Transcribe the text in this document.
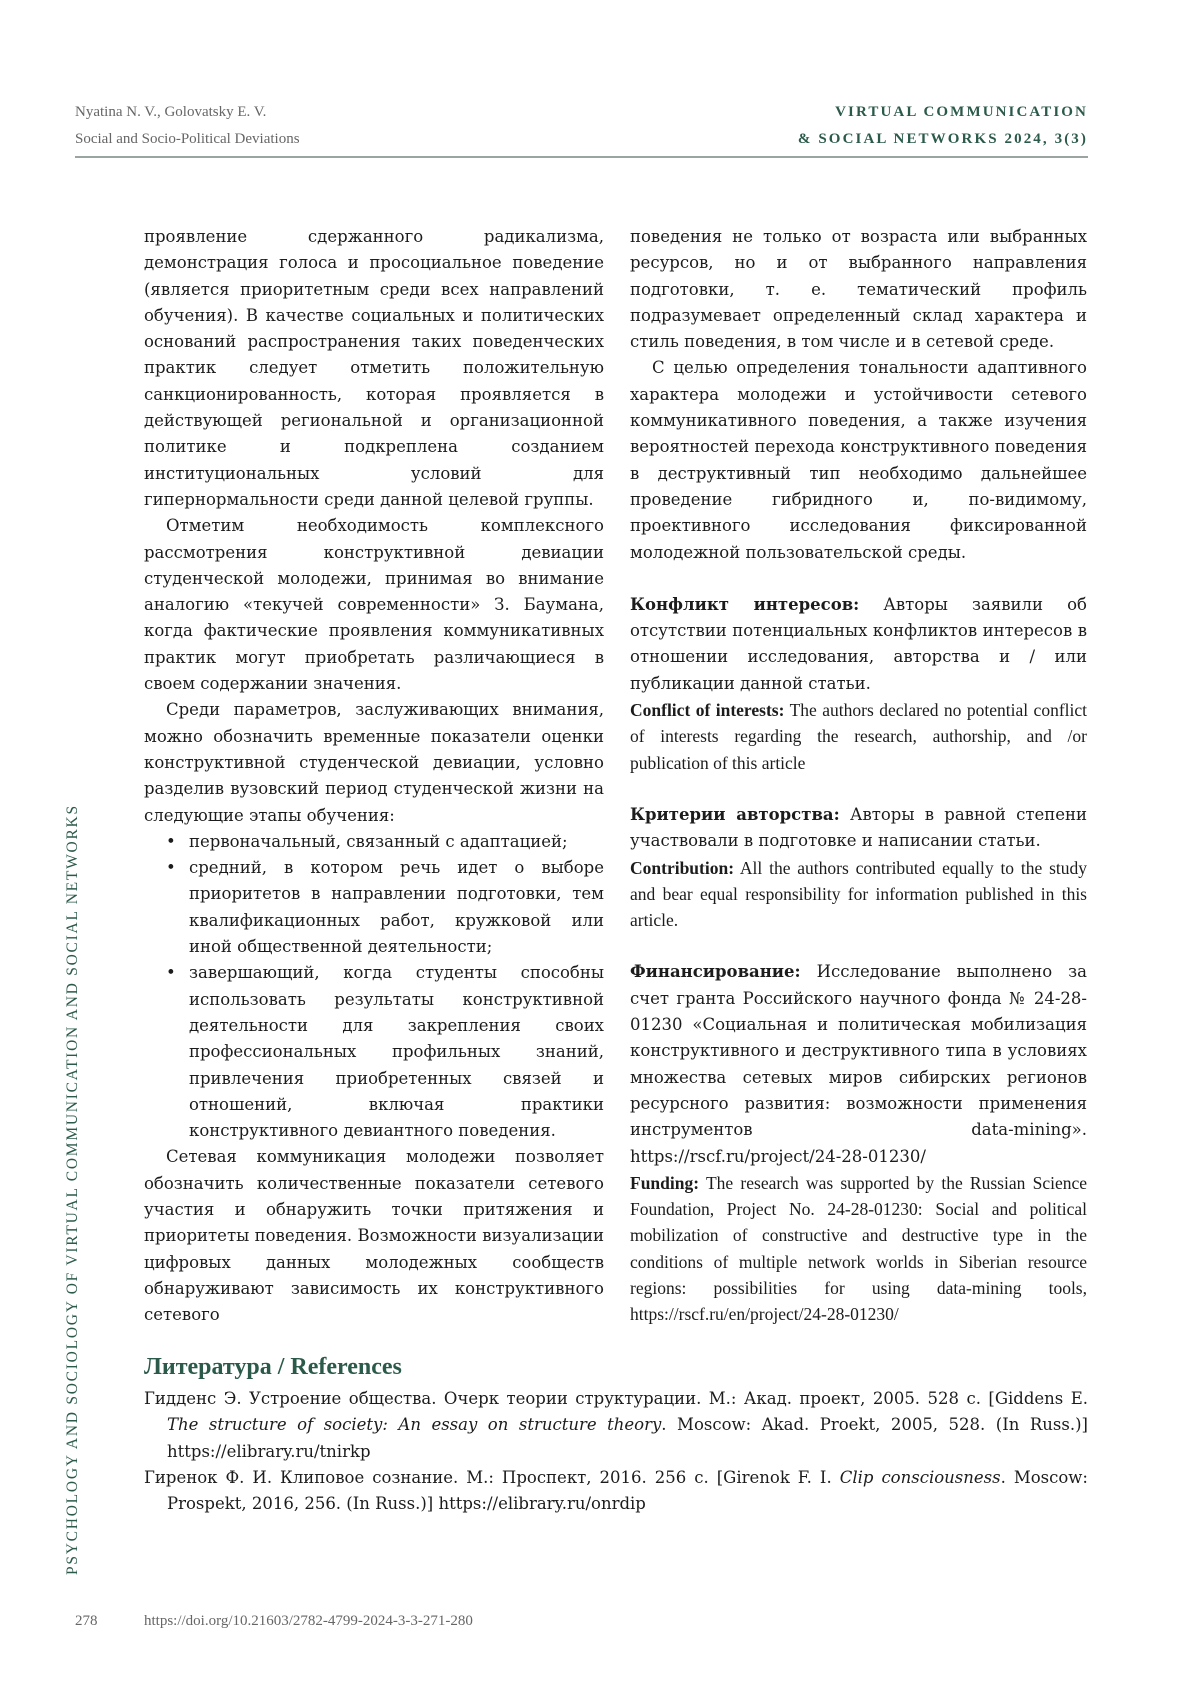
Nyatina N. V., Golovatsky E. V.
Social and Socio-Political Deviations
VIRTUAL COMMUNICATION
& SOCIAL NETWORKS 2024, 3(3)
PSYCHOLOGY AND SOCIOLOGY OF VIRTUAL COMMUNICATION AND SOCIAL NETWORKS

проявление сдержанного радикализма, демонстрация голоса и просоциальное поведение (является приоритетным среди всех направлений обучения). В качестве социальных и политических оснований распространения таких поведенческих практик следует отметить положительную санкционированность, которая проявляется в действующей региональной и организационной политике и подкреплена созданием институциональных условий для гипернормальности среди данной целевой группы.

Отметим необходимость комплексного рассмотрения конструктивной девиации студенческой молодежи, принимая во внимание аналогию «текучей современности» З. Баумана, когда фактические проявления коммуникативных практик могут приобретать различающиеся в своем содержании значения.

Среди параметров, заслуживающих внимания, можно обозначить временные показатели оценки конструктивной студенческой девиации, условно разделив вузовский период студенческой жизни на следующие этапы обучения:

• первоначальный, связанный с адаптацией;
• средний, в котором речь идет о выборе приоритетов в направлении подготовки, тем квалификационных работ, кружковой или иной общественной деятельности;
• завершающий, когда студенты способны использовать результаты конструктивной деятельности для закрепления своих профессиональных профильных знаний, привлечения приобретенных связей и отношений, включая практики конструктивного девиантного поведения.

Сетевая коммуникация молодежи позволяет обозначить количественные показатели сетевого участия и обнаружить точки притяжения и приоритеты поведения. Возможности визуализации цифровых данных молодежных сообществ обнаруживают зависимость их конструктивного сетевого

поведения не только от возраста или выбранных ресурсов, но и от выбранного направления подготовки, т. е. тематический профиль подразумевает определенный склад характера и стиль поведения, в том числе и в сетевой среде.

С целью определения тональности адаптивного характера молодежи и устойчивости сетевого коммуникативного поведения, а также изучения вероятностей перехода конструктивного поведения в деструктивный тип необходимо дальнейшее проведение гибридного и, по-видимому, проективного исследования фиксированной молодежной пользовательской среды.

Конфликт интересов: Авторы заявили об отсутствии потенциальных конфликтов интересов в отношении исследования, авторства и / или публикации данной статьи.

Conflict of interests: The authors declared no potential conflict of interests regarding the research, authorship, and /or publication of this article

Критерии авторства: Авторы в равной степени участвовали в подготовке и написании статьи.

Contribution: All the authors contributed equally to the study and bear equal responsibility for information published in this article.

Финансирование: Исследование выполнено за счет гранта Российского научного фонда № 24-28-01230 «Социальная и политическая мобилизация конструктивного и деструктивного типа в условиях множества сетевых миров сибирских регионов ресурсного развития: возможности применения инструментов data-mining». https://rscf.ru/project/24-28-01230/

Funding: The research was supported by the Russian Science Foundation, Project No. 24-28-01230: Social and political mobilization of constructive and destructive type in the conditions of multiple network worlds in Siberian resource regions: possibilities for using data-mining tools, https://rscf.ru/en/project/24-28-01230/

Литература / References

Гидденс Э. Устроение общества. Очерк теории структурации. М.: Акад. проект, 2005. 528 с. [Giddens E. The structure of society: An essay on structure theory. Moscow: Akad. Proekt, 2005, 528. (In Russ.)] https://elibrary.ru/tnirkp

Гиренок Ф. И. Клиповое сознание. М.: Проспект, 2016. 256 с. [Girenok F. I. Clip consciousness. Moscow: Prospekt, 2016, 256. (In Russ.)] https://elibrary.ru/onrdip

278	https://doi.org/10.21603/2782-4799-2024-3-3-271-280
